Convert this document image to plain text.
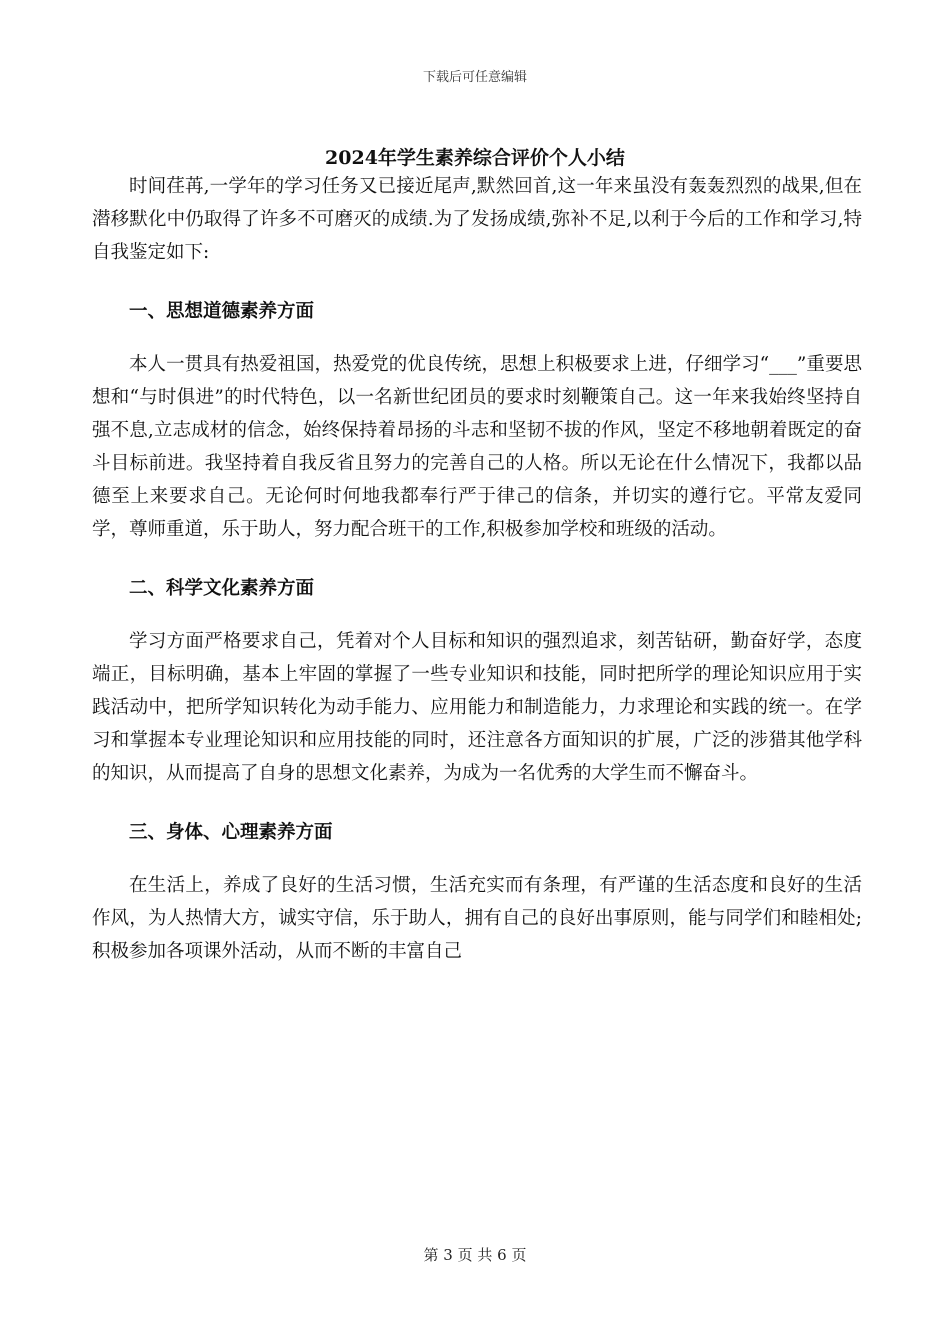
下载后可任意编辑
2024年学生素养综合评价个人小结

时间荏苒,一学年的学习任务又已接近尾声,默然回首,这一年来虽没有轰轰烈烈的战果,但在潜移默化中仍取得了许多不可磨灭的成绩.为了发扬成绩,弥补不足,以利于今后的工作和学习,特自我鉴定如下:

一、思想道德素养方面

本人一贯具有热爱祖国，热爱党的优良传统，思想上积极要求上进，仔细学习“___”重要思想和“与时俱进”的时代特色，以一名新世纪团员的要求时刻鞭策自己。这一年来我始终坚持自强不息,立志成材的信念，始终保持着昂扬的斗志和坚韧不拔的作风，坚定不移地朝着既定的奋斗目标前进。我坚持着自我反省且努力的完善自己的人格。所以无论在什么情况下，我都以品德至上来要求自己。无论何时何地我都奉行严于律己的信条，并切实的遵行它。平常友爱同学，尊师重道，乐于助人，努力配合班干的工作,积极参加学校和班级的活动。

二、科学文化素养方面

学习方面严格要求自己，凭着对个人目标和知识的强烈追求，刻苦钻研，勤奋好学，态度端正，目标明确，基本上牢固的掌握了一些专业知识和技能，同时把所学的理论知识应用于实践活动中，把所学知识转化为动手能力、应用能力和制造能力，力求理论和实践的统一。在学习和掌握本专业理论知识和应用技能的同时，还注意各方面知识的扩展，广泛的涉猎其他学科的知识，从而提高了自身的思想文化素养，为成为一名优秀的大学生而不懈奋斗。

三、身体、心理素养方面

在生活上，养成了良好的生活习惯，生活充实而有条理，有严谨的生活态度和良好的生活作风，为人热情大方，诚实守信，乐于助人，拥有自己的良好出事原则，能与同学们和睦相处;积极参加各项课外活动，从而不断的丰富自己

第 3 页 共 6 页
